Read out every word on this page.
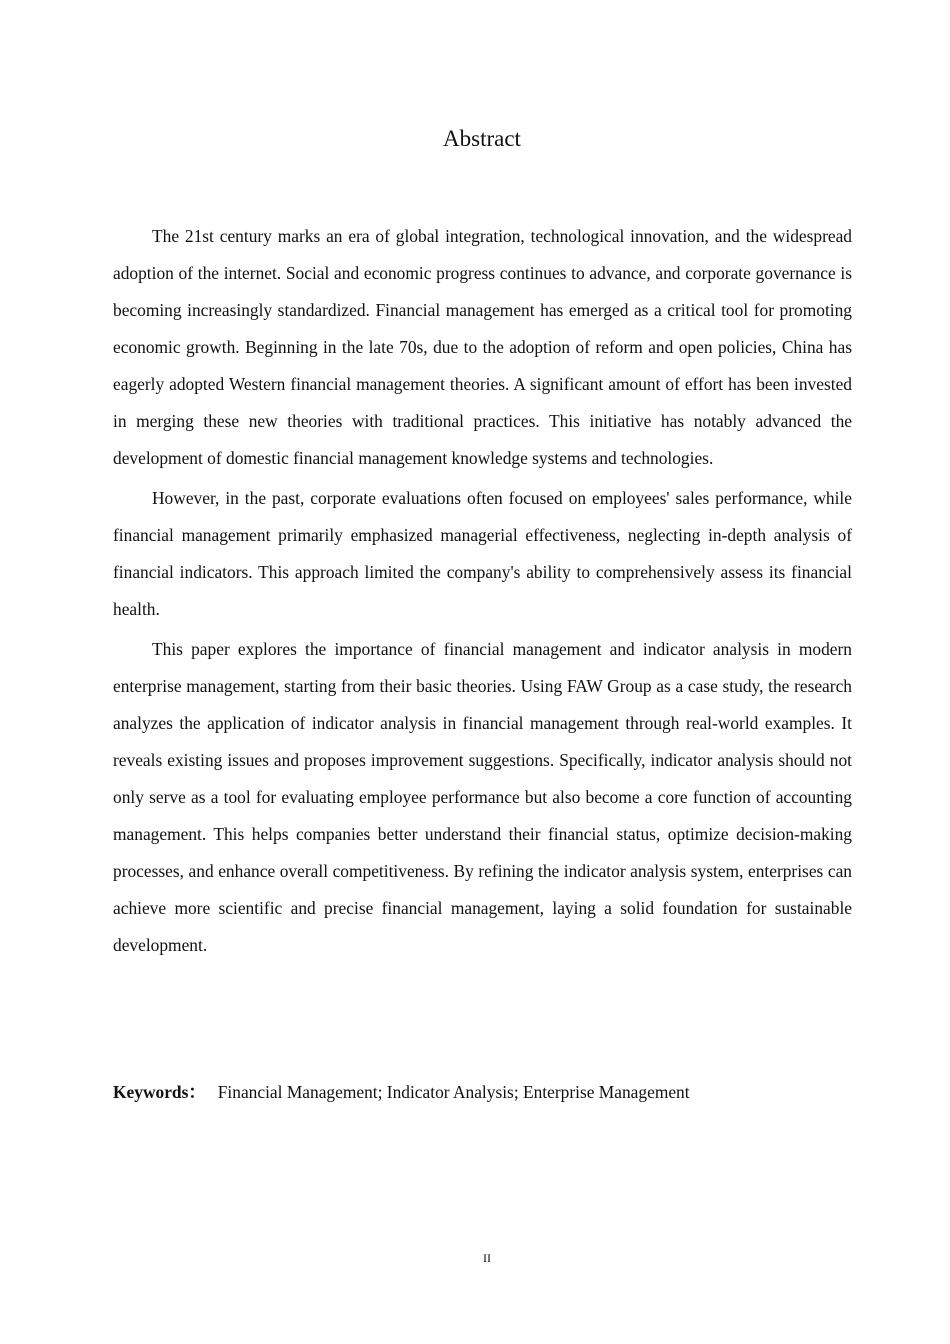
Abstract

The 21st century marks an era of global integration, technological innovation, and the widespread adoption of the internet. Social and economic progress continues to advance, and corporate governance is becoming increasingly standardized. Financial management has emerged as a critical tool for promoting economic growth. Beginning in the late 70s, due to the adoption of reform and open policies, China has eagerly adopted Western financial management theories. A significant amount of effort has been invested in merging these new theories with traditional practices. This initiative has notably advanced the development of domestic financial management knowledge systems and technologies.

However, in the past, corporate evaluations often focused on employees' sales performance, while financial management primarily emphasized managerial effectiveness, neglecting in-depth analysis of financial indicators. This approach limited the company's ability to comprehensively assess its financial health.

This paper explores the importance of financial management and indicator analysis in modern enterprise management, starting from their basic theories. Using FAW Group as a case study, the research analyzes the application of indicator analysis in financial management through real-world examples. It reveals existing issues and proposes improvement suggestions. Specifically, indicator analysis should not only serve as a tool for evaluating employee performance but also become a core function of accounting management. This helps companies better understand their financial status, optimize decision-making processes, and enhance overall competitiveness. By refining the indicator analysis system, enterprises can achieve more scientific and precise financial management, laying a solid foundation for sustainable development.

Keywords： Financial Management; Indicator Analysis; Enterprise Management
II
